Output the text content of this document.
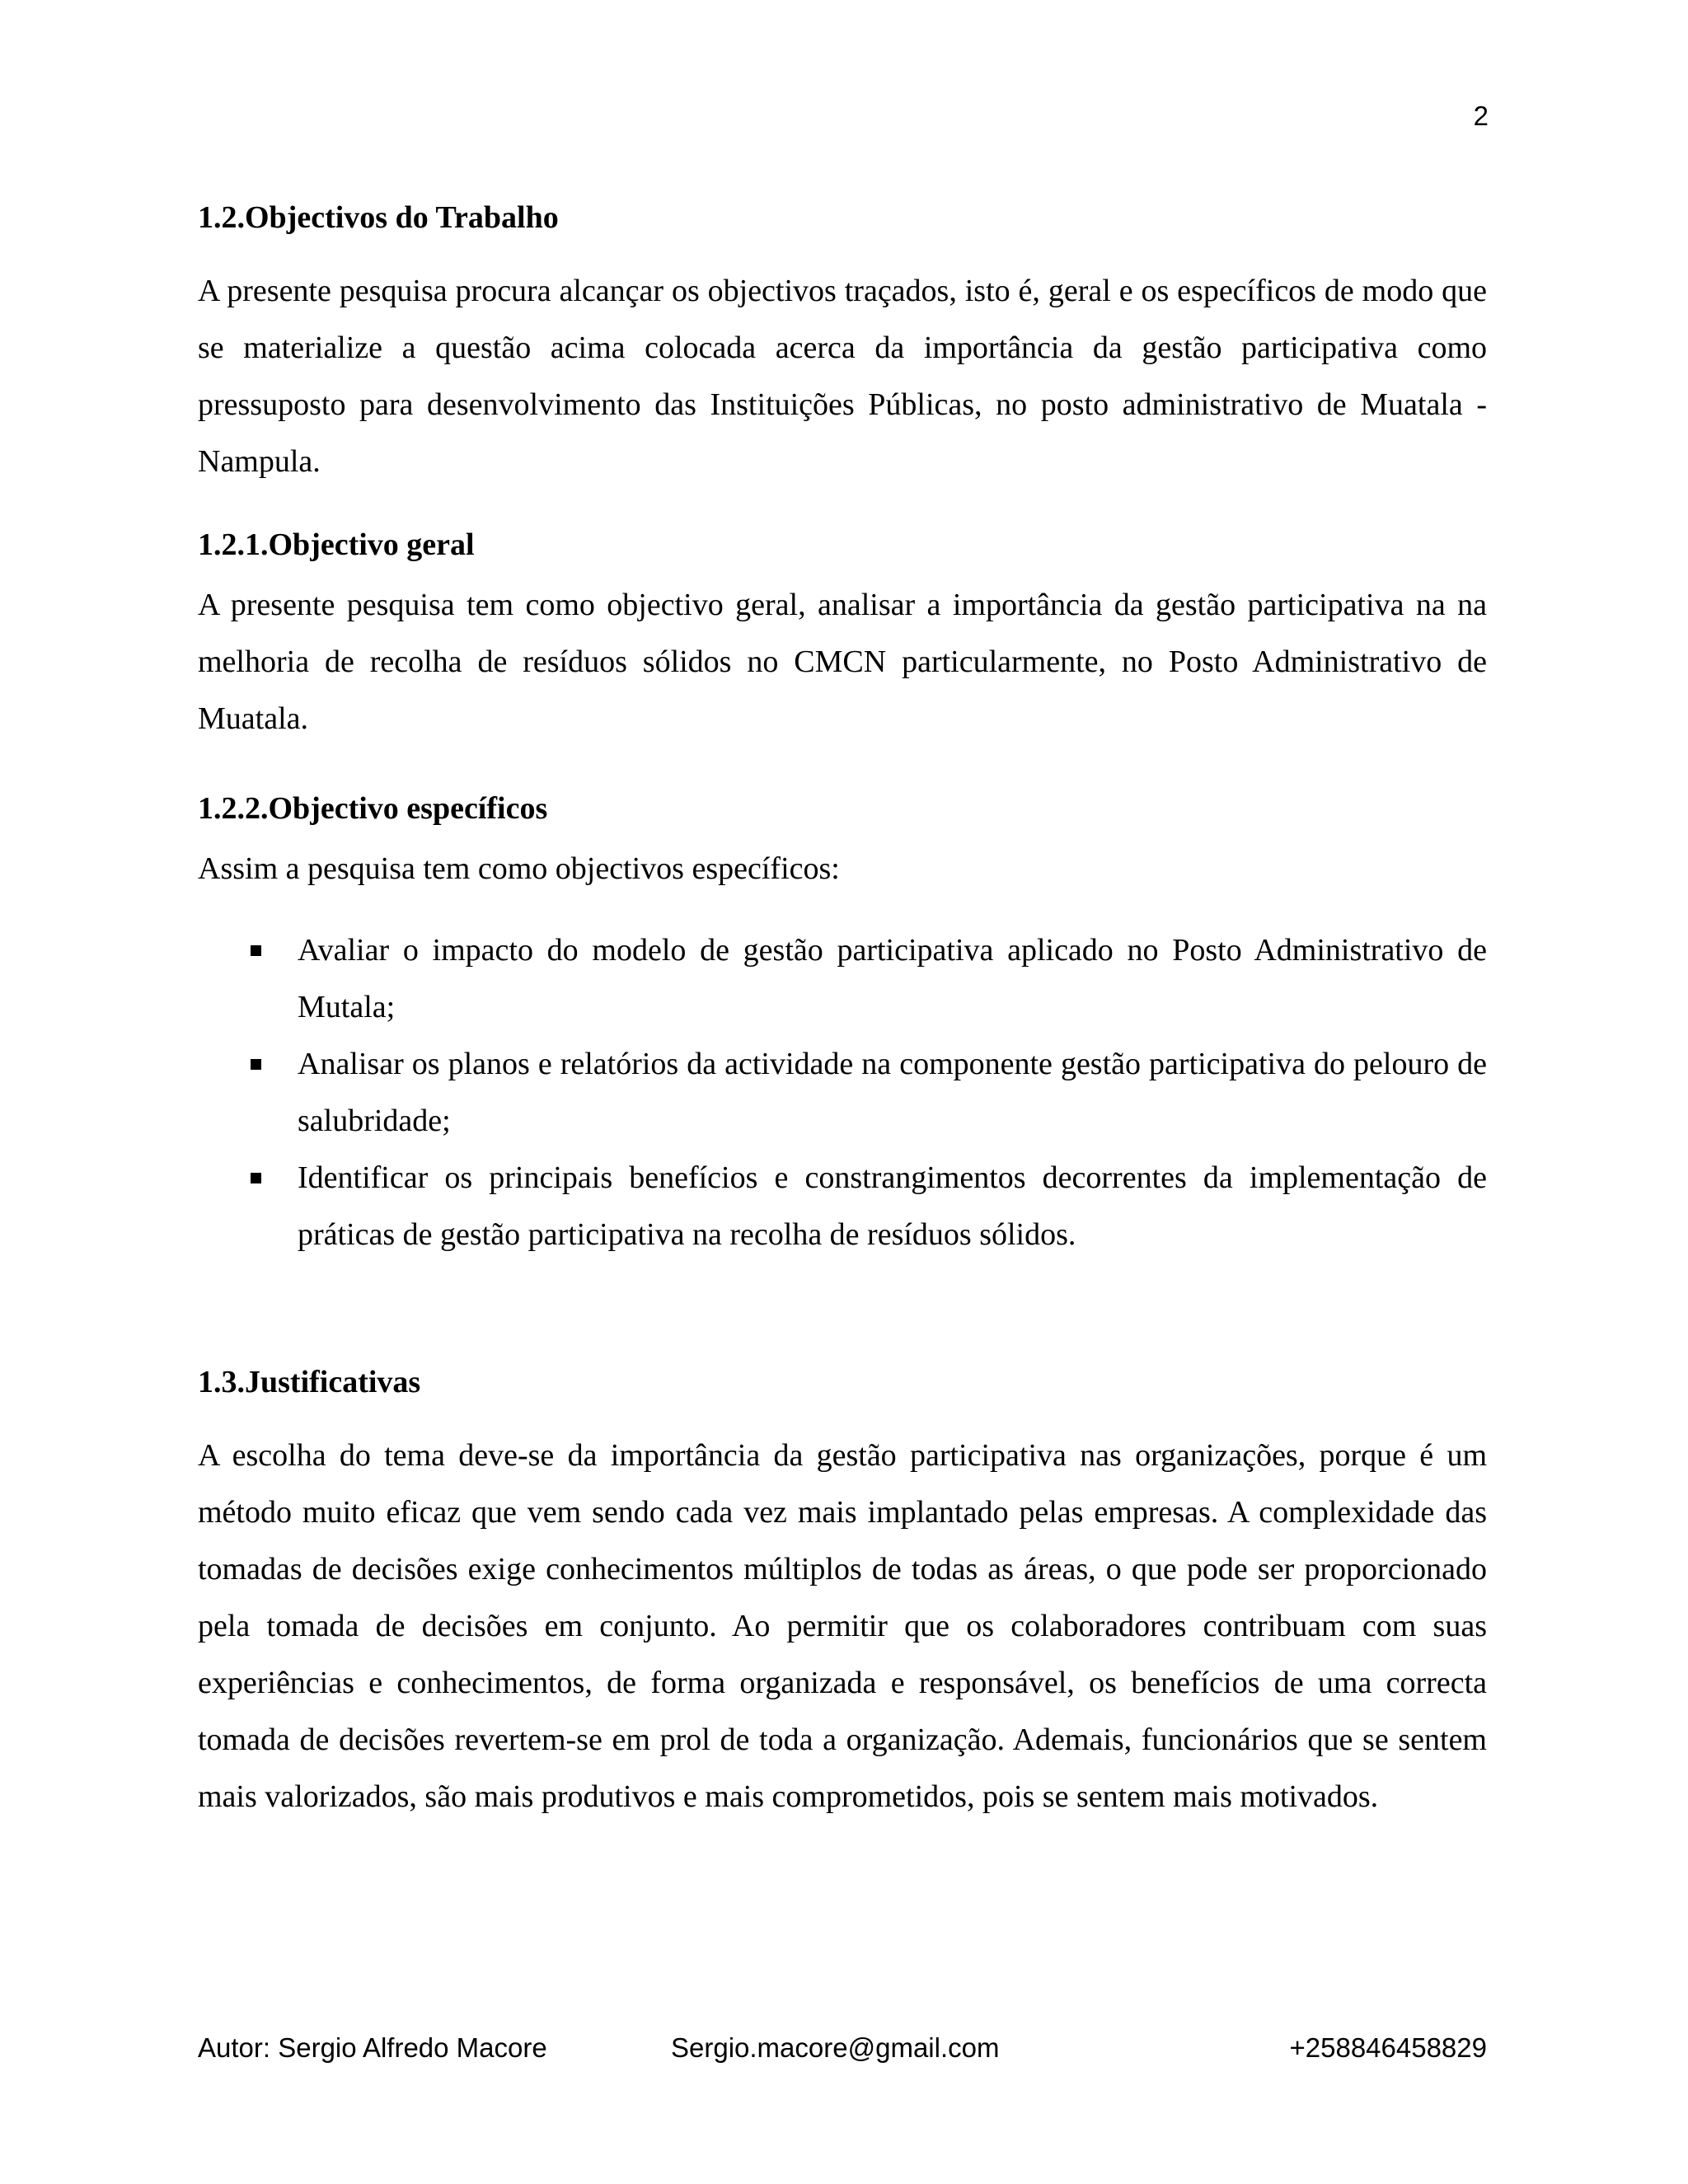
2
1.2.Objectivos do Trabalho

A presente pesquisa procura alcançar os objectivos traçados, isto é, geral e os específicos de modo que se materialize a questão acima colocada acerca da importância da gestão participativa como pressuposto para desenvolvimento das Instituições Públicas, no posto administrativo de Muatala - Nampula.

1.2.1.Objectivo geral

A presente pesquisa tem como objectivo geral, analisar a importância da gestão participativa na na melhoria de recolha de resíduos sólidos no CMCN particularmente, no Posto Administrativo de Muatala.

1.2.2.Objectivo específicos

Assim a pesquisa tem como objectivos específicos:

Avaliar o impacto do modelo de gestão participativa aplicado no Posto Administrativo de Mutala;
Analisar os planos e relatórios da actividade na componente gestão participativa do pelouro de salubridade;
Identificar os principais benefícios e constrangimentos decorrentes da implementação de práticas de gestão participativa na recolha de resíduos sólidos.
1.3.Justificativas

A escolha do tema deve-se da importância da gestão participativa nas organizações, porque é um método muito eficaz que vem sendo cada vez mais implantado pelas empresas. A complexidade das tomadas de decisões exige conhecimentos múltiplos de todas as áreas, o que pode ser proporcionado pela tomada de decisões em conjunto. Ao permitir que os colaboradores contribuam com suas experiências e conhecimentos, de forma organizada e responsável, os benefícios de uma correcta tomada de decisões revertem-se em prol de toda a organização. Ademais, funcionários que se sentem mais valorizados, são mais produtivos e mais comprometidos, pois se sentem mais motivados.

Autor: Sergio Alfredo Macore	Sergio.macore@gmail.com	+258846458829
